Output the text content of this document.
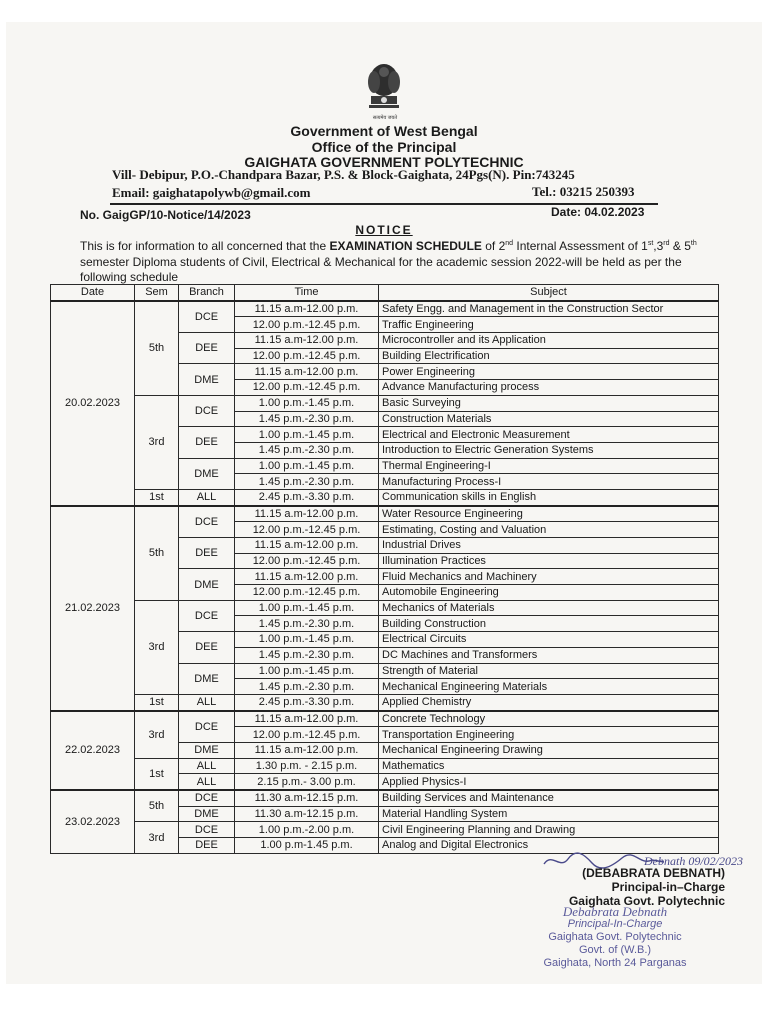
सत्यमेव जयते
Government of West Bengal
Office of the Principal
GAIGHATA GOVERNMENT POLYTECHNIC
Vill- Debipur, P.O.-Chandpara Bazar, P.S. & Block-Gaighata, 24Pgs(N). Pin:743245
Email: gaighatapolywb@gmail.com	Tel.: 03215 250393
No. GaigGP/10-Notice/14/2023	Date: 04.02.2023
NOTICE
This is for information to all concerned that the EXAMINATION SCHEDULE of 2nd Internal Assessment of 1st,3rd & 5th semester Diploma students of Civil, Electrical & Mechanical for the academic session 2022-will be held as per the following schedule
Date	Sem	Branch	Time	Subject
20.02.2023	5th	DCE	11.15 a.m-12.00 p.m.	Safety Engg. and Management in the Construction Sector
			12.00 p.m.-12.45 p.m.	Traffic Engineering
		DEE	11.15 a.m-12.00 p.m.	Microcontroller and its Application
			12.00 p.m.-12.45 p.m.	Building Electrification
		DME	11.15 a.m-12.00 p.m.	Power Engineering
			12.00 p.m.-12.45 p.m.	Advance Manufacturing process
	3rd	DCE	1.00 p.m.-1.45 p.m.	Basic Surveying
			1.45 p.m.-2.30 p.m.	Construction Materials
		DEE	1.00 p.m.-1.45 p.m.	Electrical and Electronic Measurement
			1.45 p.m.-2.30 p.m.	Introduction to Electric Generation Systems
		DME	1.00 p.m.-1.45 p.m.	Thermal Engineering-I
			1.45 p.m.-2.30 p.m.	Manufacturing Process-I
	1st	ALL	2.45 p.m.-3.30 p.m.	Communication skills in English
21.02.2023	5th	DCE	11.15 a.m-12.00 p.m.	Water Resource Engineering
			12.00 p.m.-12.45 p.m.	Estimating, Costing and Valuation
		DEE	11.15 a.m-12.00 p.m.	Industrial Drives
			12.00 p.m.-12.45 p.m.	Illumination Practices
		DME	11.15 a.m-12.00 p.m.	Fluid Mechanics and Machinery
			12.00 p.m.-12.45 p.m.	Automobile Engineering
	3rd	DCE	1.00 p.m.-1.45 p.m.	Mechanics of Materials
			1.45 p.m.-2.30 p.m.	Building Construction
		DEE	1.00 p.m.-1.45 p.m.	Electrical Circuits
			1.45 p.m.-2.30 p.m.	DC Machines and Transformers
		DME	1.00 p.m.-1.45 p.m.	Strength of Material
			1.45 p.m.-2.30 p.m.	Mechanical Engineering Materials
	1st	ALL	2.45 p.m.-3.30 p.m.	Applied Chemistry
22.02.2023	3rd	DCE	11.15 a.m-12.00 p.m.	Concrete Technology
			12.00 p.m.-12.45 p.m.	Transportation Engineering
		DME	11.15 a.m-12.00 p.m.	Mechanical Engineering Drawing
	1st	ALL	1.30 p.m. - 2.15 p.m.	Mathematics
		ALL	2.15 p.m.- 3.00 p.m.	Applied Physics-I
23.02.2023	5th	DCE	11.30 a.m-12.15 p.m.	Building Services and Maintenance
		DME	11.30 a.m-12.15 p.m.	Material Handling System
	3rd	DCE	1.00 p.m.-2.00 p.m.	Civil Engineering Planning and Drawing
		DEE	1.00 p.m-1.45 p.m.	Analog and Digital Electronics
Debnath 09/02/2023
(DEBABRATA DEBNATH)
Principal-in–Charge
Gaighata Govt. Polytechnic
Debabrata Debnath
Principal-In-Charge
Gaighata Govt. Polytechnic
Govt. of (W.B.)
Gaighata, North 24 Parganas
